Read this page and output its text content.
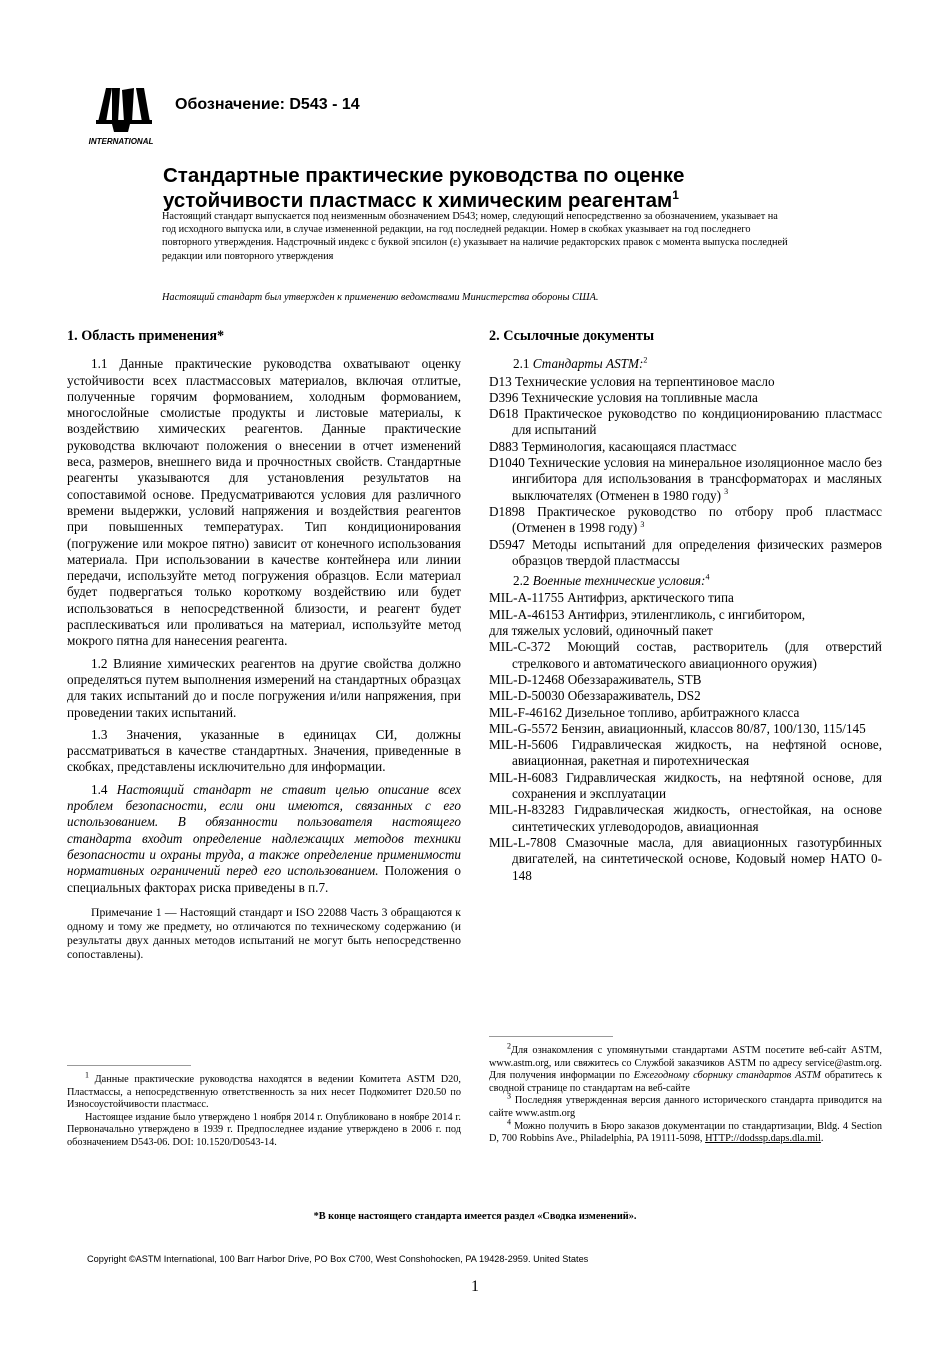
INTERNATIONAL
Обозначение: D543 - 14
Стандартные практические руководства по оценке
устойчивости пластмасс к химическим реагентам$^1$
Настоящий стандарт выпускается под неизменным обозначением D543; номер, следующий непосредственно за обозначением, указывает на год исходного выпуска или, в случае измененной редакции, на год последней редакции. Номер в скобках указывает на год последнего повторного утверждения. Надстрочный индекс с буквой эпсилон (ε) указывает на наличие редакторских правок с момента выпуска последней редакции или повторного утверждения
Настоящий стандарт был утвержден к применению ведомствами Министерства обороны США.
1. Область применения*

1.1 Данные практические руководства охватывают оценку устойчивости всех пластмассовых материалов, включая отлитые, полученные горячим формованием, холодным формованием, многослойные смолистые продукты и листовые материалы, к воздействию химических реагентов. Данные практические руководства включают положения о внесении в отчет изменений веса, размеров, внешнего вида и прочностных свойств. Стандартные реагенты указываются для установления результатов на сопоставимой основе. Предусматриваются условия для различного времени выдержки, условий напряжения и воздействия реагентов при повышенных температурах. Тип кондиционирования (погружение или мокрое пятно) зависит от конечного использования материала. При использовании в качестве контейнера или линии передачи, используйте метод погружения образцов. Если материал будет подвергаться только короткому воздействию или будет использоваться в непосредственной близости, и реагент будет расплескиваться или проливаться на материал, используйте метод мокрого пятна для нанесения реагента.

1.2 Влияние химических реагентов на другие свойства должно определяться путем выполнения измерений на стандартных образцах для таких испытаний до и после погружения и/или напряжения, при проведении таких испытаний.

1.3 Значения, указанные в единицах СИ, должны рассматриваться в качестве стандартных. Значения, приведенные в скобках, представлены исключительно для информации.

1.4 Настоящий стандарт не ставит целью описание всех проблем безопасности, если они имеются, связанных с его использованием. В обязанности пользователя настоящего стандарта входит определение надлежащих методов техники безопасности и охраны труда, а также определение применимости нормативных ограничений перед его использованием. Положения о специальных факторах риска приведены в п.7.

Примечание 1 — Настоящий стандарт и ISO 22088 Часть 3 обращаются к одному и тому же предмету, но отличаются по техническому содержанию (и результаты двух данных методов испытаний не могут быть непосредственно сопоставлены).

2. Ссылочные документы

2.1 Стандарты ASTM:$^2$

D13 Технические условия на терпентиновое масло

D396 Технические условия на топливные масла

D618 Практическое руководство по кондиционированию пластмасс для испытаний

D883 Терминология, касающаяся пластмасс

D1040 Технические условия на минеральное изоляционное масло без ингибитора для использования в трансформаторах и масляных выключателях (Отменен в 1980 году) $^3$

D1898 Практическое руководство по отбору проб пластмасс (Отменен в 1998 году) $^3$

D5947 Методы испытаний для определения физических размеров образцов твердой пластмассы

2.2 Военные технические условия:$^4$

MIL-A-11755 Антифриз, арктического типа

MIL-A-46153 Антифриз, этиленгликоль, с ингибитором,

для тяжелых условий, одиночный пакет

MIL-C-372 Моющий состав, растворитель (для отверстий стрелкового и автоматического авиационного оружия)

MIL-D-12468 Обеззараживатель, STB

MIL-D-50030 Обеззараживатель, DS2

MIL-F-46162 Дизельное топливо, арбитражного класса

MIL-G-5572 Бензин, авиационный, классов 80/87, 100/130, 115/145

MIL-H-5606 Гидравлическая жидкость, на нефтяной основе, авиационная, ракетная и пиротехническая

MIL-H-6083 Гидравлическая жидкость, на нефтяной основе, для сохранения и эксплуатации

MIL-H-83283 Гидравлическая жидкость, огнестойкая, на основе синтетических углеводородов, авиационная

MIL-L-7808 Смазочные масла, для авиационных газотурбинных двигателей, на синтетической основе, Кодовый номер НАТО 0-148

$^1$ Данные практические руководства находятся в ведении Комитета ASTM D20, Пластмассы, а непосредственную ответственность за них несет Подкомитет D20.50 по Износоустойчивости пластмасс.

Настоящее издание было утверждено 1 ноября 2014 г. Опубликовано в ноябре 2014 г. Первоначально утверждено в 1939 г. Предпоследнее издание утверждено в 2006 г. под обозначением D543-06. DOI: 10.1520/D0543-14.

$^2$Для ознакомления с упомянутыми стандартами ASTM посетите веб-сайт ASTM, www.astm.org, или свяжитесь со Службой заказчиков ASTM по адресу service@astm.org. Для получения информации по Ежегодному сборнику стандартов ASTM обратитесь к сводной странице по стандартам на веб-сайте

$^3$ Последняя утвержденная версия данного исторического стандарта приводится на сайте www.astm.org

$^4$ Можно получить в Бюро заказов документации по стандартизации, Bldg. 4 Section D, 700 Robbins Ave., Philadelphia, PA 19111-5098, HTTP://dodssp.daps.dla.mil.

*В конце настоящего стандарта имеется раздел «Сводка изменений».
Copyright ©ASTM International, 100 Barr Harbor Drive, PO Box C700, West Conshohocken, PA 19428-2959. United States
1
